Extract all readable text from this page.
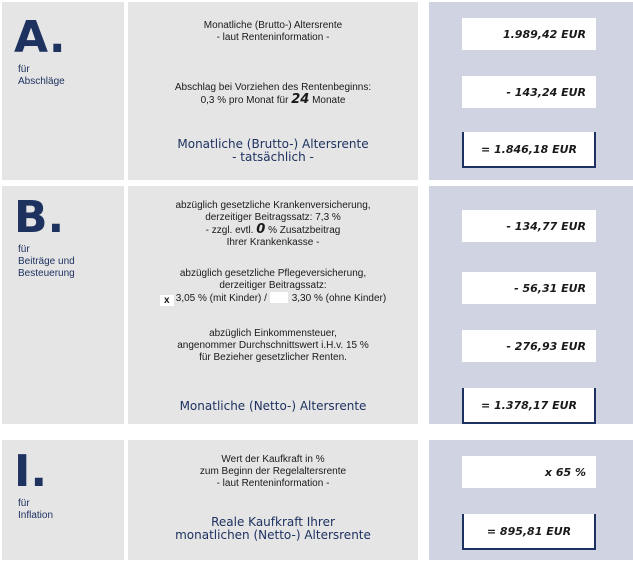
A.
für
Abschläge
Monatliche (Brutto-) Altersrente
- laut Renteninformation -
Abschlag bei Vorziehen des Rentenbeginns:
0,3 % pro Monat für 24 Monate
Monatliche (Brutto-) Altersrente
- tatsächlich -
1.989,42 EUR
- 143,24 EUR
= 1.846,18 EUR
B.
für
Beiträge und
Besteuerung
abzüglich gesetzliche Krankenversicherung,
derzeitiger Beitragssatz: 7,3 %
- zzgl. evtl. 0 % Zusatzbeitrag
Ihrer Krankenkasse -
abzüglich gesetzliche Pflegeversicherung,
derzeitiger Beitragssatz:
x 3,05 % (mit Kinder) / 3,30 % (ohne Kinder)
abzüglich Einkommensteuer,
angenommer Durchschnittswert i.H.v. 15 %
für Bezieher gesetzlicher Renten.
Monatliche (Netto-) Altersrente
- 134,77 EUR
- 56,31 EUR
- 276,93 EUR
= 1.378,17 EUR
I.
für
Inflation
Wert der Kaufkraft in %
zum Beginn der Regelaltersrente
- laut Renteninformation -
Reale Kaufkraft Ihrer
monatlichen (Netto-) Altersrente
x 65 %
= 895,81 EUR
